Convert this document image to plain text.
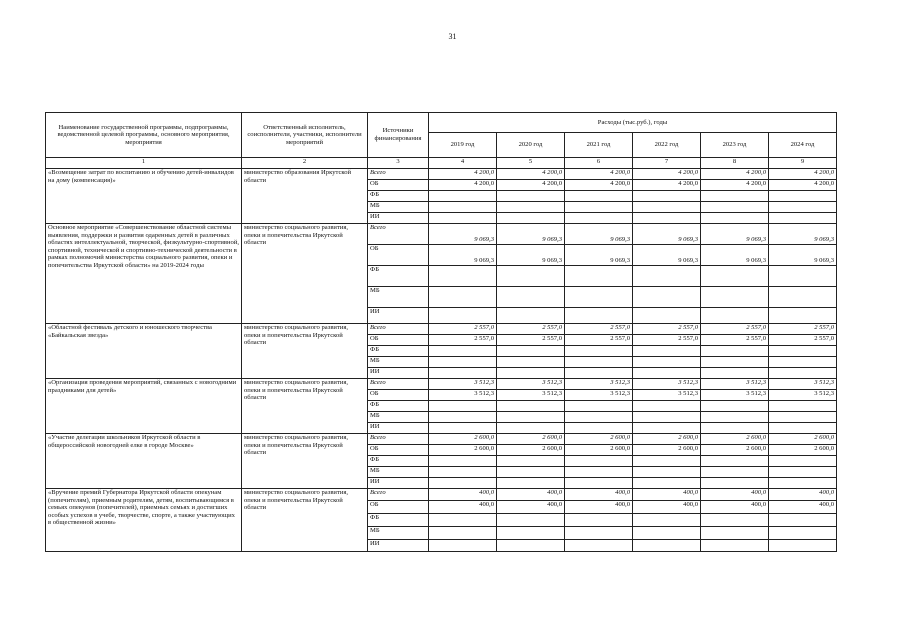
31
Наименование государственной программы, подпрограммы, ведомственной целевой программы, основного мероприятия, мероприятия	Ответственный исполнитель, соисполнители, участники, исполнители мероприятий	Источники финансирования	Расходы (тыс.руб.), годы					
			2019 год	2020 год	2021 год	2022 год	2023 год	2024 год
1	2	3	4	5	6	7	8	9
«Возмещение затрат по воспитанию и обучению детей-инвалидов на дому (компенсация)»	министерство образования Иркутской области	Всего	4 200,0	4 200,0	4 200,0	4 200,0	4 200,0	4 200,0
		ОБ	4 200,0	4 200,0	4 200,0	4 200,0	4 200,0	4 200,0
		ФБ						
		МБ						
		ИИ						
Основное мероприятие «Совершенствование областной системы выявления, поддержки и развития одаренных детей в различных областях интеллектуальной, творческой, физкультурно-спортивной, спортивной, технической и спортивно-технической деятельности в рамках полномочий министерства социального развития, опеки и попечительства Иркутской области» на 2019-2024 годы	министерство социального развития, опеки и попечительства Иркутской области	Всего	9 069,3	9 069,3	9 069,3	9 069,3	9 069,3	9 069,3
		ОБ	9 069,3	9 069,3	9 069,3	9 069,3	9 069,3	9 069,3
		ФБ						
		МБ						
		ИИ						
«Областной фестиваль детского и юношеского творчества «Байкальская звезда»	министерство социального развития, опеки и попечительства Иркутской области	Всего	2 557,0	2 557,0	2 557,0	2 557,0	2 557,0	2 557,0
		ОБ	2 557,0	2 557,0	2 557,0	2 557,0	2 557,0	2 557,0
		ФБ						
		МБ						
		ИИ						
«Организация проведения мероприятий, связанных с новогодними праздниками для детей»	министерство социального развития, опеки и попечительства Иркутской области	Всего	3 512,3	3 512,3	3 512,3	3 512,3	3 512,3	3 512,3
		ОБ	3 512,3	3 512,3	3 512,3	3 512,3	3 512,3	3 512,3
		ФБ						
		МБ						
		ИИ						
«Участие делегации школьников Иркутской области в общероссийской новогодней елке в городе Москве»	министерство социального развития, опеки и попечительства Иркутской области	Всего	2 600,0	2 600,0	2 600,0	2 600,0	2 600,0	2 600,0
		ОБ	2 600,0	2 600,0	2 600,0	2 600,0	2 600,0	2 600,0
		ФБ						
		МБ						
		ИИ						
«Вручение премий Губернатора Иркутской области опекунам (попечителям), приемным родителям, детям, воспитывающимся в семьях опекунов (попечителей), приемных семьях и достигших особых успехов в учебе, творчестве, спорте, а также участвующих в общественной жизни»	министерство социального развития, опеки и попечительства Иркутской области	Всего	400,0	400,0	400,0	400,0	400,0	400,0
		ОБ	400,0	400,0	400,0	400,0	400,0	400,0
		ФБ						
		МБ						
		ИИ						
